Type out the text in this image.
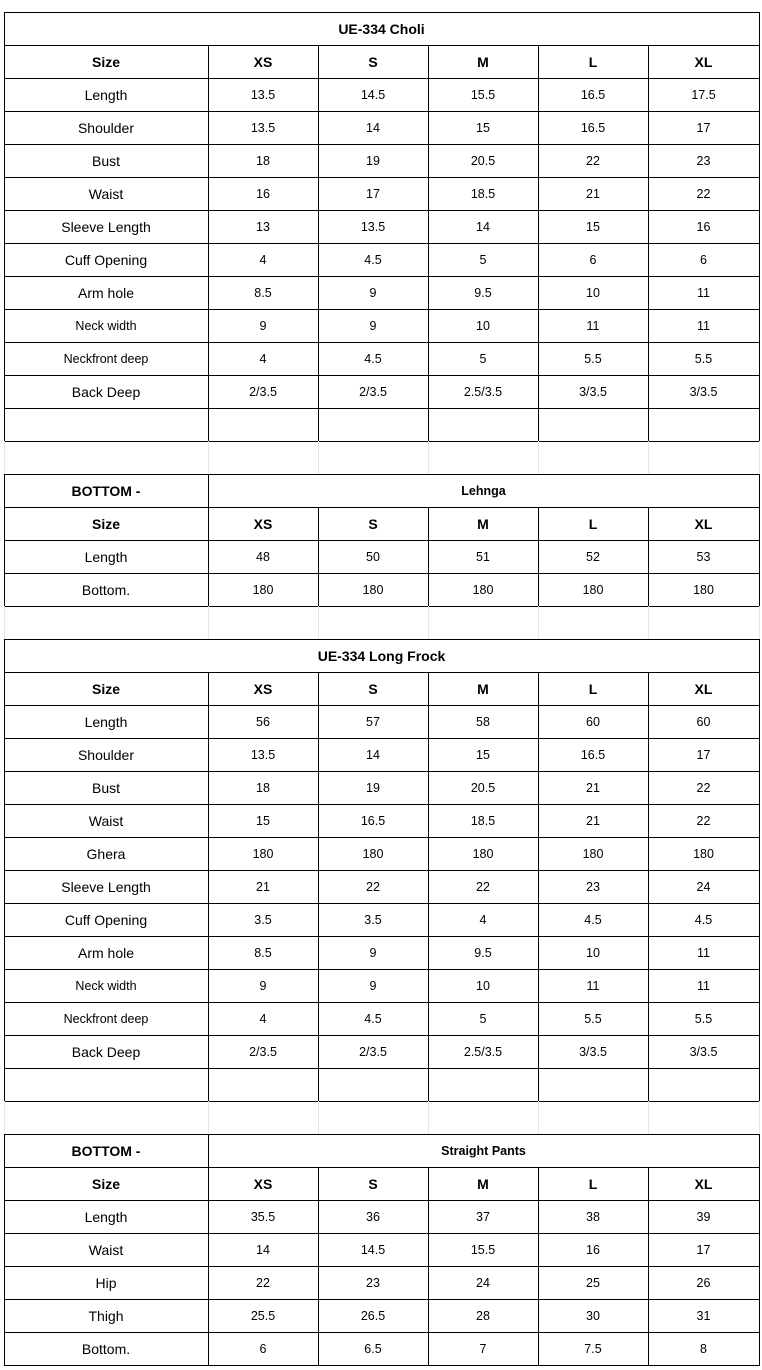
UE-334 Choli
Size	XS	S	M	L	XL
Length	13.5	14.5	15.5	16.5	17.5
Shoulder	13.5	14	15	16.5	17
Bust	18	19	20.5	22	23
Waist	16	17	18.5	21	22
Sleeve Length	13	13.5	14	15	16
Cuff Opening	4	4.5	5	6	6
Arm hole	8.5	9	9.5	10	11
Neck width	9	9	10	11	11
Neckfront deep	4	4.5	5	5.5	5.5
Back Deep	2/3.5	2/3.5	2.5/3.5	3/3.5	3/3.5
BOTTOM -	Lehnga
Size	XS	S	M	L	XL
Length	48	50	51	52	53
Bottom.	180	180	180	180	180
UE-334 Long Frock
Size	XS	S	M	L	XL
Length	56	57	58	60	60
Shoulder	13.5	14	15	16.5	17
Bust	18	19	20.5	21	22
Waist	15	16.5	18.5	21	22
Ghera	180	180	180	180	180
Sleeve Length	21	22	22	23	24
Cuff Opening	3.5	3.5	4	4.5	4.5
Arm hole	8.5	9	9.5	10	11
Neck width	9	9	10	11	11
Neckfront deep	4	4.5	5	5.5	5.5
Back Deep	2/3.5	2/3.5	2.5/3.5	3/3.5	3/3.5
BOTTOM -	Straight Pants
Size	XS	S	M	L	XL
Length	35.5	36	37	38	39
Waist	14	14.5	15.5	16	17
Hip	22	23	24	25	26
Thigh	25.5	26.5	28	30	31
Bottom.	6	6.5	7	7.5	8
